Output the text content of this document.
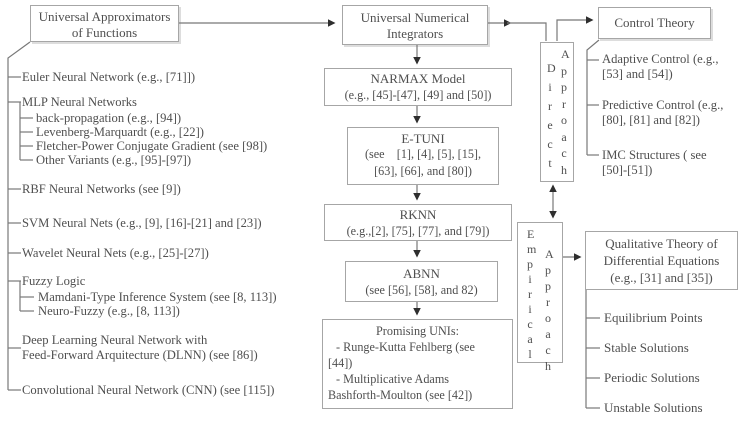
Universal Approximators
of Functions
Universal Numerical
Integrators
Control Theory
NARMAX Model
(e.g., [45]-[47], [49] and [50])
E-TUNI
(see    [1], [4], [5], [15],
[63], [66], and [80])
RKNN
(e.g.,[2], [75], [77], and [79])
ABNN
(see [56], [58], and 82)
Promising UNIs:
- Runge-Kutta Fehlberg (see
[44])
- Multiplicative Adams
Bashforth-Moulton (see [42])
Qualitative Theory of
Differential Equations
(e.g., [31] and [35])
Direct
Approach
Empirical
Approach
Euler Neural Network (e.g., [71]])
MLP Neural Networks
back-propagation (e.g., [94])
Levenberg-Marquardt (e.g., [22])
Fletcher-Power Conjugate Gradient (see [98])
Other Variants (e.g., [95]-[97])
RBF Neural Networks (see [9])
SVM Neural Nets (e.g., [9], [16]-[21] and [23])
Wavelet Neural Nets (e.g., [25]-[27])
Fuzzy Logic
Mamdani-Type Inference System (see [8, 113])
Neuro-Fuzzy (e.g., [8, 113])
Deep Learning Neural Network with
Feed-Forward Arquitecture (DLNN) (see [86])
Convolutional Neural Network (CNN) (see [115])
Adaptive Control (e.g.,
[53] and [54])
Predictive Control (e.g.,
[80], [81] and [82])
IMC Structures ( see
[50]-[51])
Equilibrium Points
Stable Solutions
Periodic Solutions
Unstable Solutions
